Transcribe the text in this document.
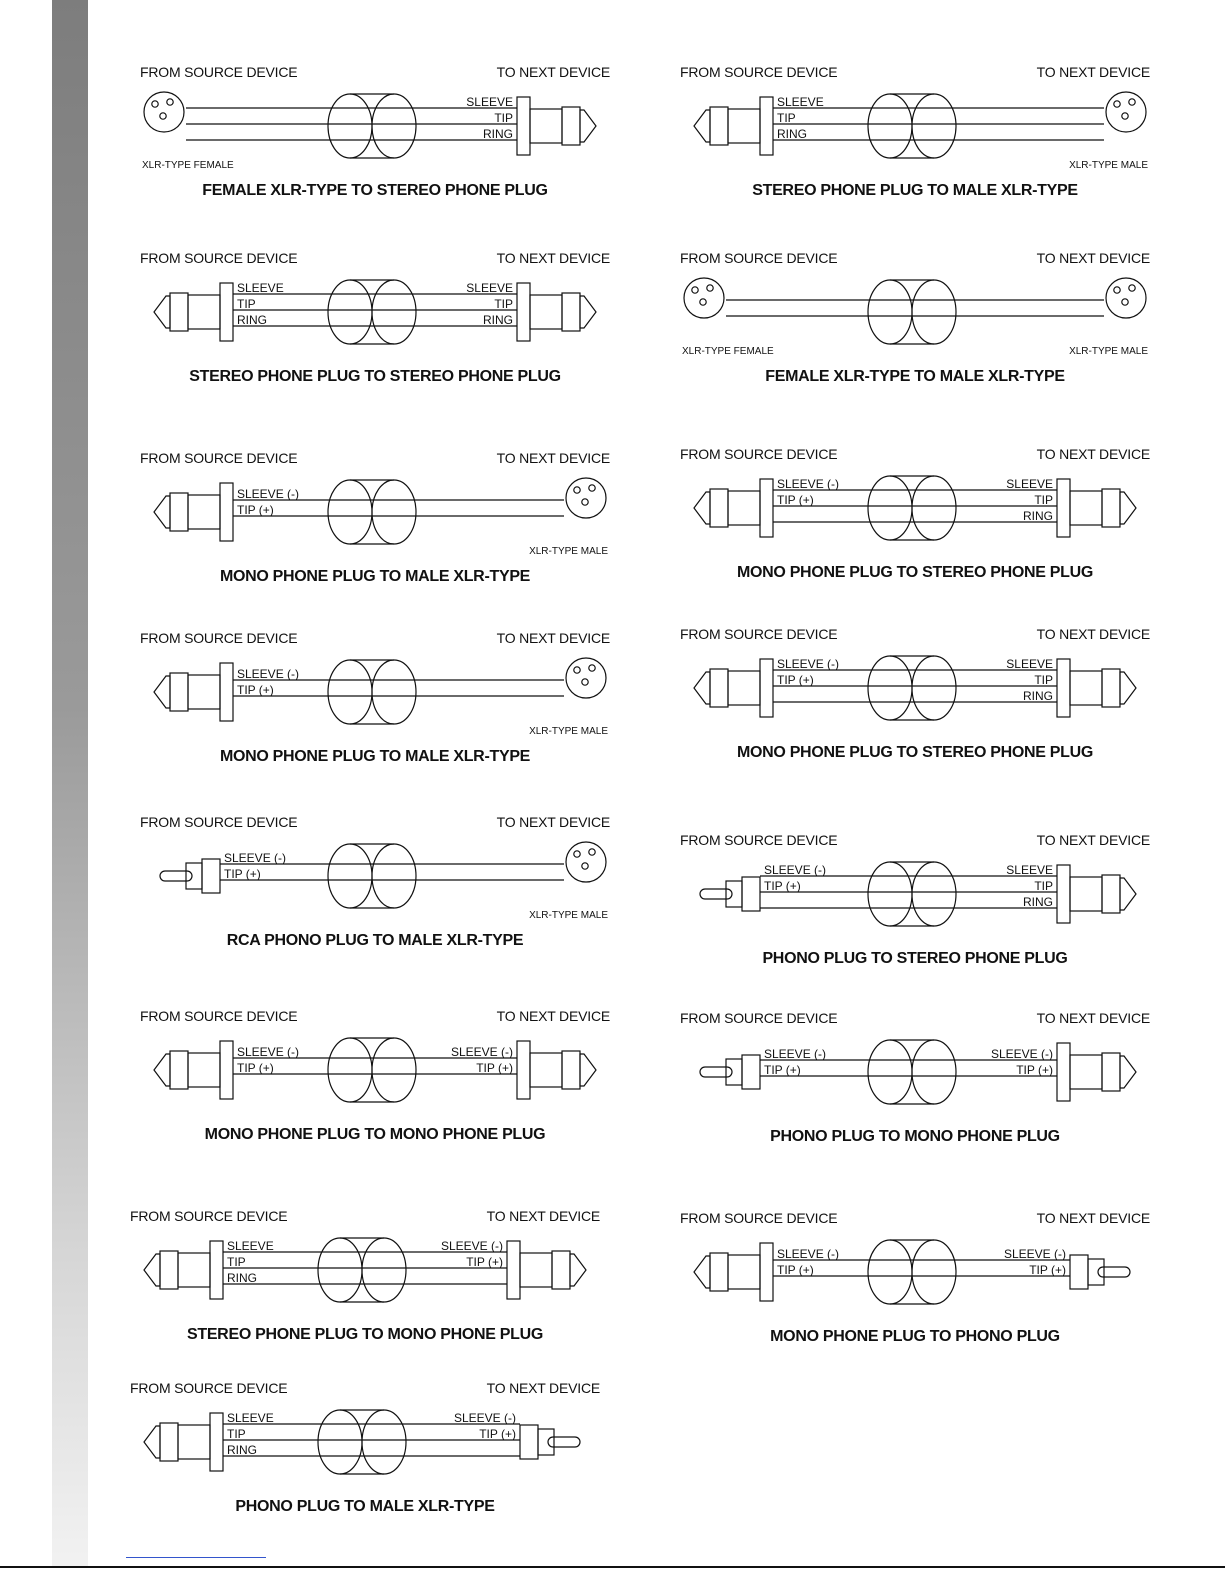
SLEEVE
TIP
RING
XLR-TYPE FEMALE
FROM SOURCE DEVICE	TO NEXT DEVICE
FEMALE XLR-TYPE TO STEREO PHONE PLUG
SLEEVE
TIP
RING
XLR-TYPE MALE
FROM SOURCE DEVICE	TO NEXT DEVICE
STEREO PHONE PLUG TO MALE XLR-TYPE
SLEEVE
TIP
RING
SLEEVE
TIP
RING
FROM SOURCE DEVICE	TO NEXT DEVICE
STEREO PHONE PLUG TO STEREO PHONE PLUG
XLR-TYPE FEMALE	XLR-TYPE MALE
FROM SOURCE DEVICE	TO NEXT DEVICE
FEMALE XLR-TYPE TO MALE XLR-TYPE
SLEEVE (-)
TIP (+)
XLR-TYPE MALE
FROM SOURCE DEVICE	TO NEXT DEVICE
MONO PHONE PLUG TO MALE XLR-TYPE
SLEEVE (-)
TIP (+)
SLEEVE
TIP
RING
FROM SOURCE DEVICE	TO NEXT DEVICE
MONO PHONE PLUG TO STEREO PHONE PLUG
SLEEVE (-)
TIP (+)
XLR-TYPE MALE
FROM SOURCE DEVICE	TO NEXT DEVICE
MONO PHONE PLUG TO MALE XLR-TYPE
SLEEVE (-)
TIP (+)
SLEEVE
TIP
RING
FROM SOURCE DEVICE	TO NEXT DEVICE
MONO PHONE PLUG TO STEREO PHONE PLUG
SLEEVE (-)
TIP (+)
XLR-TYPE MALE
FROM SOURCE DEVICE	TO NEXT DEVICE
RCA PHONO PLUG TO MALE XLR-TYPE
SLEEVE (-)
TIP (+)
SLEEVE
TIP
RING
FROM SOURCE DEVICE	TO NEXT DEVICE
PHONO PLUG TO STEREO PHONE PLUG
SLEEVE (-)
TIP (+)
SLEEVE (-)
TIP (+)
FROM SOURCE DEVICE	TO NEXT DEVICE
MONO PHONE PLUG TO MONO PHONE PLUG
SLEEVE (-)
TIP (+)
SLEEVE (-)
TIP (+)
FROM SOURCE DEVICE	TO NEXT DEVICE
PHONO PLUG TO MONO PHONE PLUG
SLEEVE
TIP
RING
SLEEVE (-)
TIP (+)
FROM SOURCE DEVICE	TO NEXT DEVICE
STEREO PHONE PLUG TO MONO PHONE PLUG
SLEEVE (-)
TIP (+)
SLEEVE (-)
TIP (+)
FROM SOURCE DEVICE	TO NEXT DEVICE
MONO PHONE PLUG TO PHONO PLUG
SLEEVE
TIP
RING
SLEEVE (-)
TIP (+)
FROM SOURCE DEVICE	TO NEXT DEVICE
PHONO PLUG TO MALE XLR-TYPE
